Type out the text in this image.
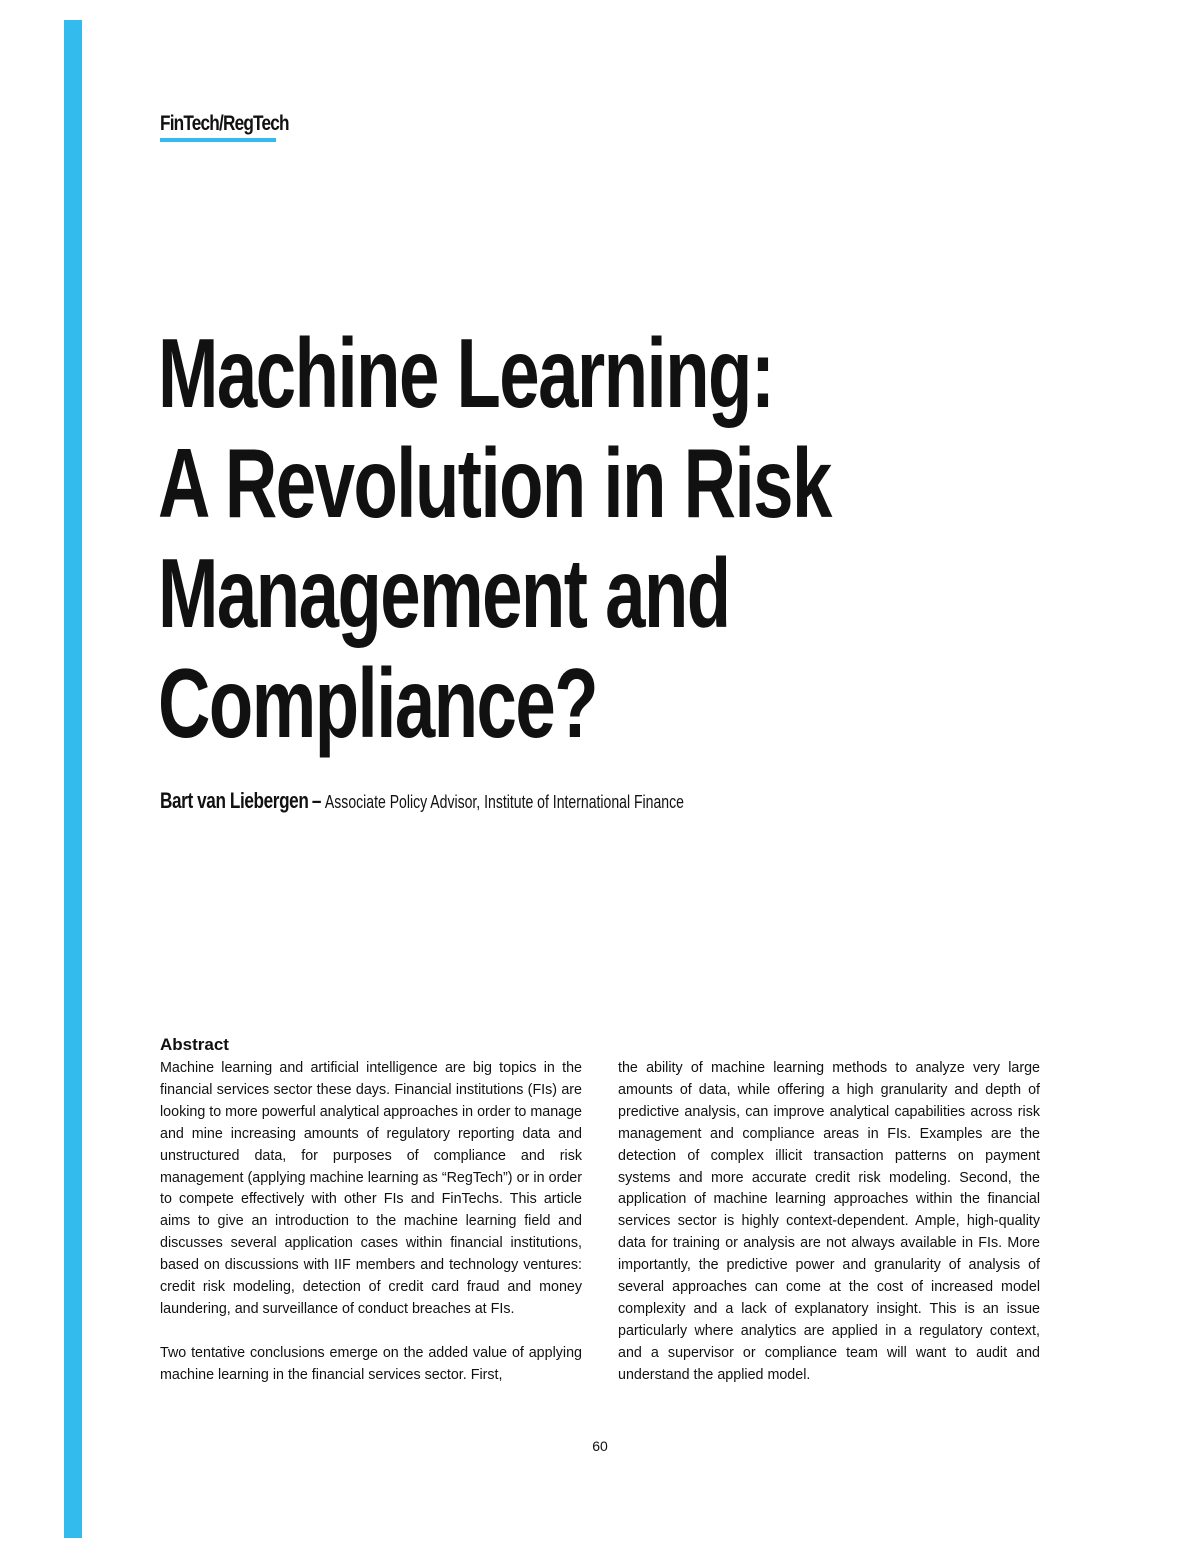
FinTech/RegTech
Machine Learning:
A Revolution in Risk
Management and
Compliance?
Bart van Liebergen – Associate Policy Advisor, Institute of International Finance
Abstract

Machine learning and artificial intelligence are big topics in the financial services sector these days. Financial institutions (FIs) are looking to more powerful analytical approaches in order to manage and mine increasing amounts of regulatory reporting data and unstructured data, for purposes of compliance and risk management (applying machine learning as “RegTech”) or in order to compete effectively with other FIs and FinTechs. This article aims to give an introduction to the machine learning field and discusses several application cases within financial institutions, based on discussions with IIF members and technology ventures: credit risk modeling, detection of credit card fraud and money laundering, and surveillance of conduct breaches at FIs.

Two tentative conclusions emerge on the added value of applying machine learning in the financial services sector. First,

the ability of machine learning methods to analyze very large amounts of data, while offering a high granularity and depth of predictive analysis, can improve analytical capabilities across risk management and compliance areas in FIs. Examples are the detection of complex illicit transaction patterns on payment systems and more accurate credit risk modeling. Second, the application of machine learning approaches within the financial services sector is highly context-dependent. Ample, high-quality data for training or analysis are not always available in FIs. More importantly, the predictive power and granularity of analysis of several approaches can come at the cost of increased model complexity and a lack of explanatory insight. This is an issue particularly where analytics are applied in a regulatory context, and a supervisor or compliance team will want to audit and understand the applied model.

60
